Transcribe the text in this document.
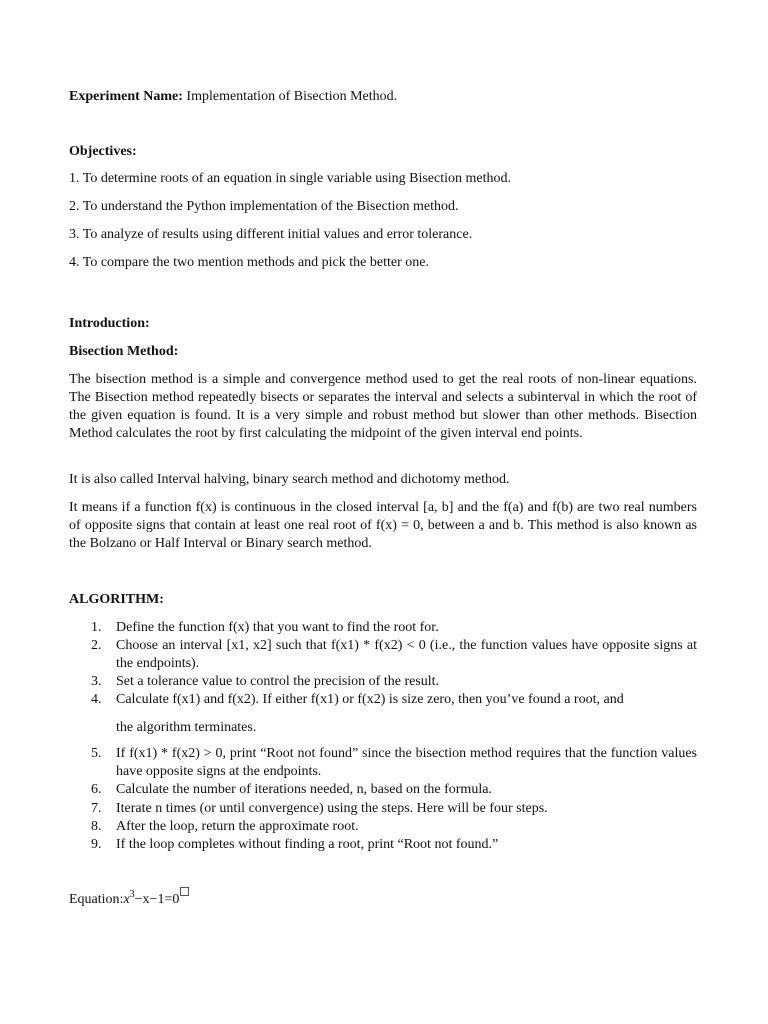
Experiment Name: Implementation of Bisection Method.
Objectives:
1. To determine roots of an equation in single variable using Bisection method.
2. To understand the Python implementation of the Bisection method.
3. To analyze of results using different initial values and error tolerance.
4. To compare the two mention methods and pick the better one.
Introduction:
Bisection Method:
The bisection method is a simple and convergence method used to get the real roots of non-linear equations. The Bisection method repeatedly bisects or separates the interval and selects a subinterval in which the root of the given equation is found. It is a very simple and robust method but slower than other methods. Bisection Method calculates the root by first calculating the midpoint of the given interval end points.
It is also called Interval halving, binary search method and dichotomy method.
It means if a function f(x) is continuous in the closed interval [a, b] and the f(a) and f(b) are two real numbers of opposite signs that contain at least one real root of f(x) = 0, between a and b. This method is also known as the Bolzano or Half Interval or Binary search method.
ALGORITHM:
1.	Define the function f(x) that you want to find the root for.
2.	Choose an interval [x1, x2] such that f(x1) * f(x2) < 0 (i.e., the function values have opposite signs at the endpoints).
3.	Set a tolerance value to control the precision of the result.
4.	Calculate f(x1) and f(x2). If either f(x1) or f(x2) is size zero, then you’ve found a root, and
the algorithm terminates.
5.	If f(x1) * f(x2) > 0, print “Root not found” since the bisection method requires that the function values have opposite signs at the endpoints.
6.	Calculate the number of iterations needed, n, based on the formula.
7.	Iterate n times (or until convergence) using the steps. Here will be four steps.
8.	After the loop, return the approximate root.
9.	If the loop completes without finding a root, print “Root not found.”
$Equation:x^3-x-1=0$
